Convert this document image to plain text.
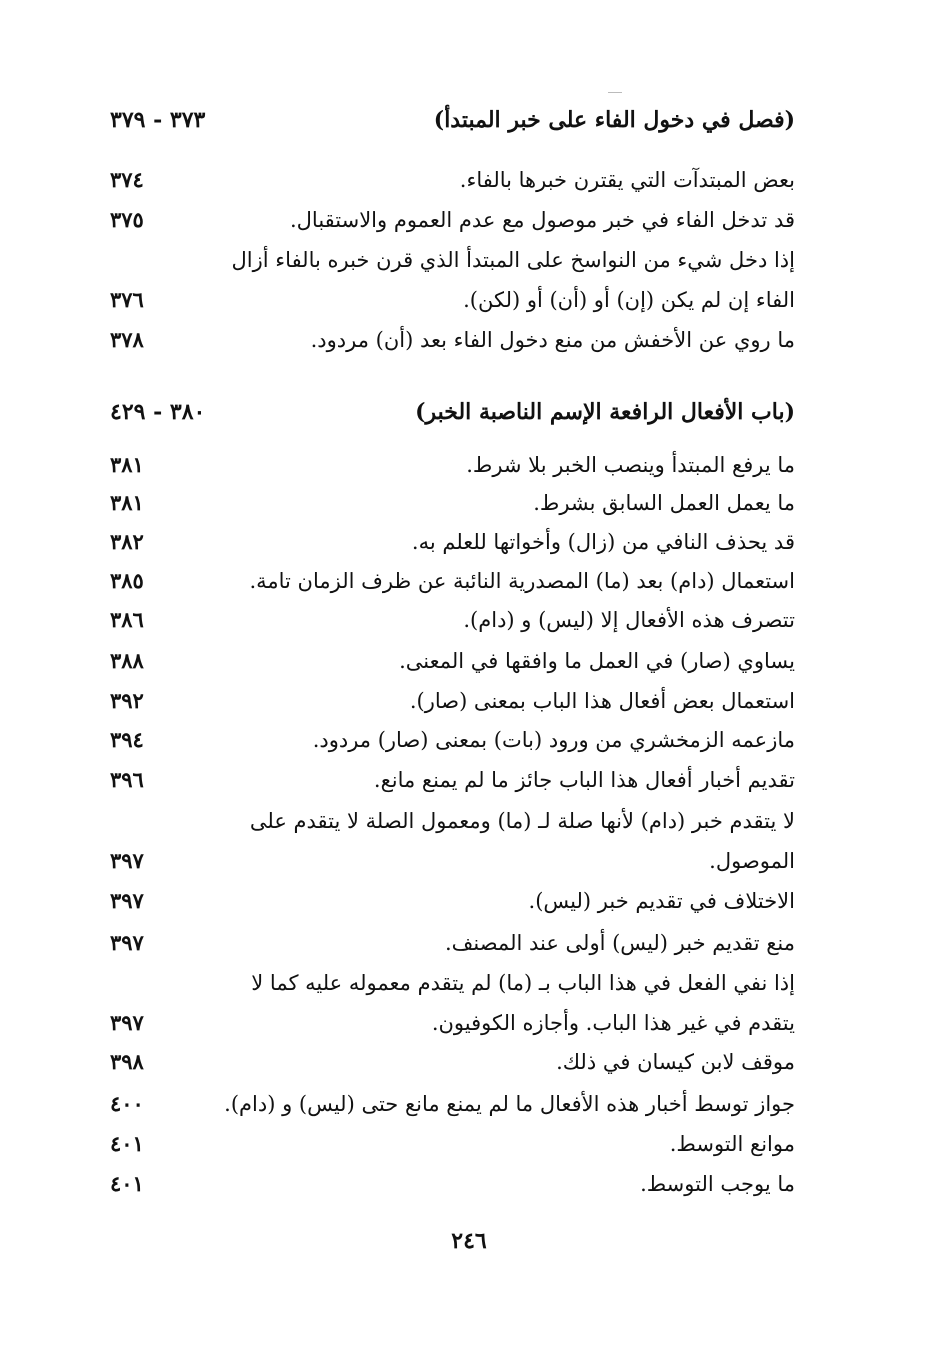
(فصل في دخول الفاء على خبر المبتدأ)
٣٧٣ - ٣٧٩
بعض المبتدآت التي يقترن خبرها بالفاء.
٣٧٤
قد تدخل الفاء في خبر موصول مع عدم العموم والاستقبال.
٣٧٥
إذا دخل شيء من النواسخ على المبتدأ الذي قرن خبره بالفاء أزال
الفاء إن لم يكن (إن) أو (أن) أو (لكن).
٣٧٦
ما روي عن الأخفش من منع دخول الفاء بعد (أن) مردود.
٣٧٨
(باب الأفعال الرافعة الإسم الناصبة الخبر)
٣٨٠ - ٤٢٩
ما يرفع المبتدأ وينصب الخبر بلا شرط.
٣٨١
ما يعمل العمل السابق بشرط.
٣٨١
قد يحذف النافي من (زال) وأخواتها للعلم به.
٣٨٢
استعمال (دام) بعد (ما) المصدرية النائبة عن ظرف الزمان تامة.
٣٨٥
تتصرف هذه الأفعال إلا (ليس) و (دام).
٣٨٦
يساوي (صار) في العمل ما وافقها في المعنى.
٣٨٨
استعمال بعض أفعال هذا الباب بمعنى (صار).
٣٩٢
مازعمه الزمخشري من ورود (بات) بمعنى (صار) مردود.
٣٩٤
تقديم أخبار أفعال هذا الباب جائز ما لم يمنع مانع.
٣٩٦
لا يتقدم خبر (دام) لأنها صلة لـ (ما) ومعمول الصلة لا يتقدم على
الموصول.
٣٩٧
الاختلاف في تقديم خبر (ليس).
٣٩٧
منع تقديم خبر (ليس) أولى عند المصنف.
٣٩٧
إذا نفي الفعل في هذا الباب بـ (ما) لم يتقدم معموله عليه كما لا
يتقدم في غير هذا الباب. وأجازه الكوفيون.
٣٩٧
موقف لابن كيسان في ذلك.
٣٩٨
جواز توسط أخبار هذه الأفعال ما لم يمنع مانع حتى (ليس) و (دام).
٤٠٠
موانع التوسط.
٤٠١
ما يوجب التوسط.
٤٠١
٢٤٦
